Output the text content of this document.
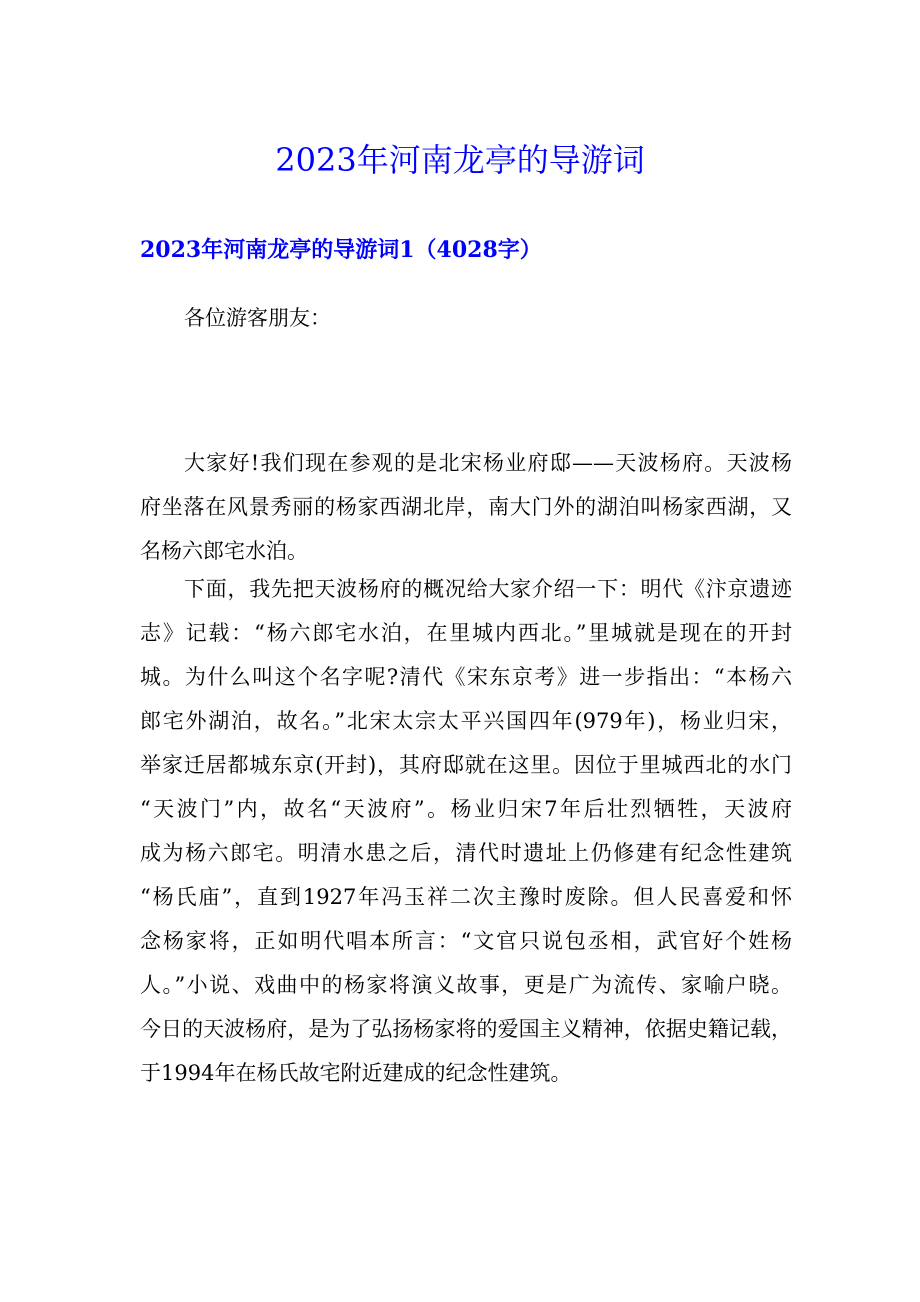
2023年河南龙亭的导游词
2023年河南龙亭的导游词1（4028字）
各位游客朋友：
大家好!我们现在参观的是北宋杨业府邸——天波杨府。天波杨
府坐落在风景秀丽的杨家西湖北岸，南大门外的湖泊叫杨家西湖，又
名杨六郎宅水泊。
下面，我先把天波杨府的概况给大家介绍一下：明代《汴京遗迹
志》记载：“杨六郎宅水泊，在里城内西北。”里城就是现在的开封
城。为什么叫这个名字呢?清代《宋东京考》进一步指出：“本杨六
郎宅外湖泊，故名。”北宋太宗太平兴国四年(979年)，杨业归宋，
举家迁居都城东京(开封)，其府邸就在这里。因位于里城西北的水门
“天波门”内，故名“天波府”。杨业归宋7年后壮烈牺牲，天波府
成为杨六郎宅。明清水患之后，清代时遗址上仍修建有纪念性建筑
“杨氏庙”，直到1927年冯玉祥二次主豫时废除。但人民喜爱和怀
念杨家将，正如明代唱本所言：“文官只说包丞相，武官好个姓杨
人。”小说、戏曲中的杨家将演义故事，更是广为流传、家喻户晓。
今日的天波杨府，是为了弘扬杨家将的爱国主义精神，依据史籍记载，
于1994年在杨氏故宅附近建成的纪念性建筑。
